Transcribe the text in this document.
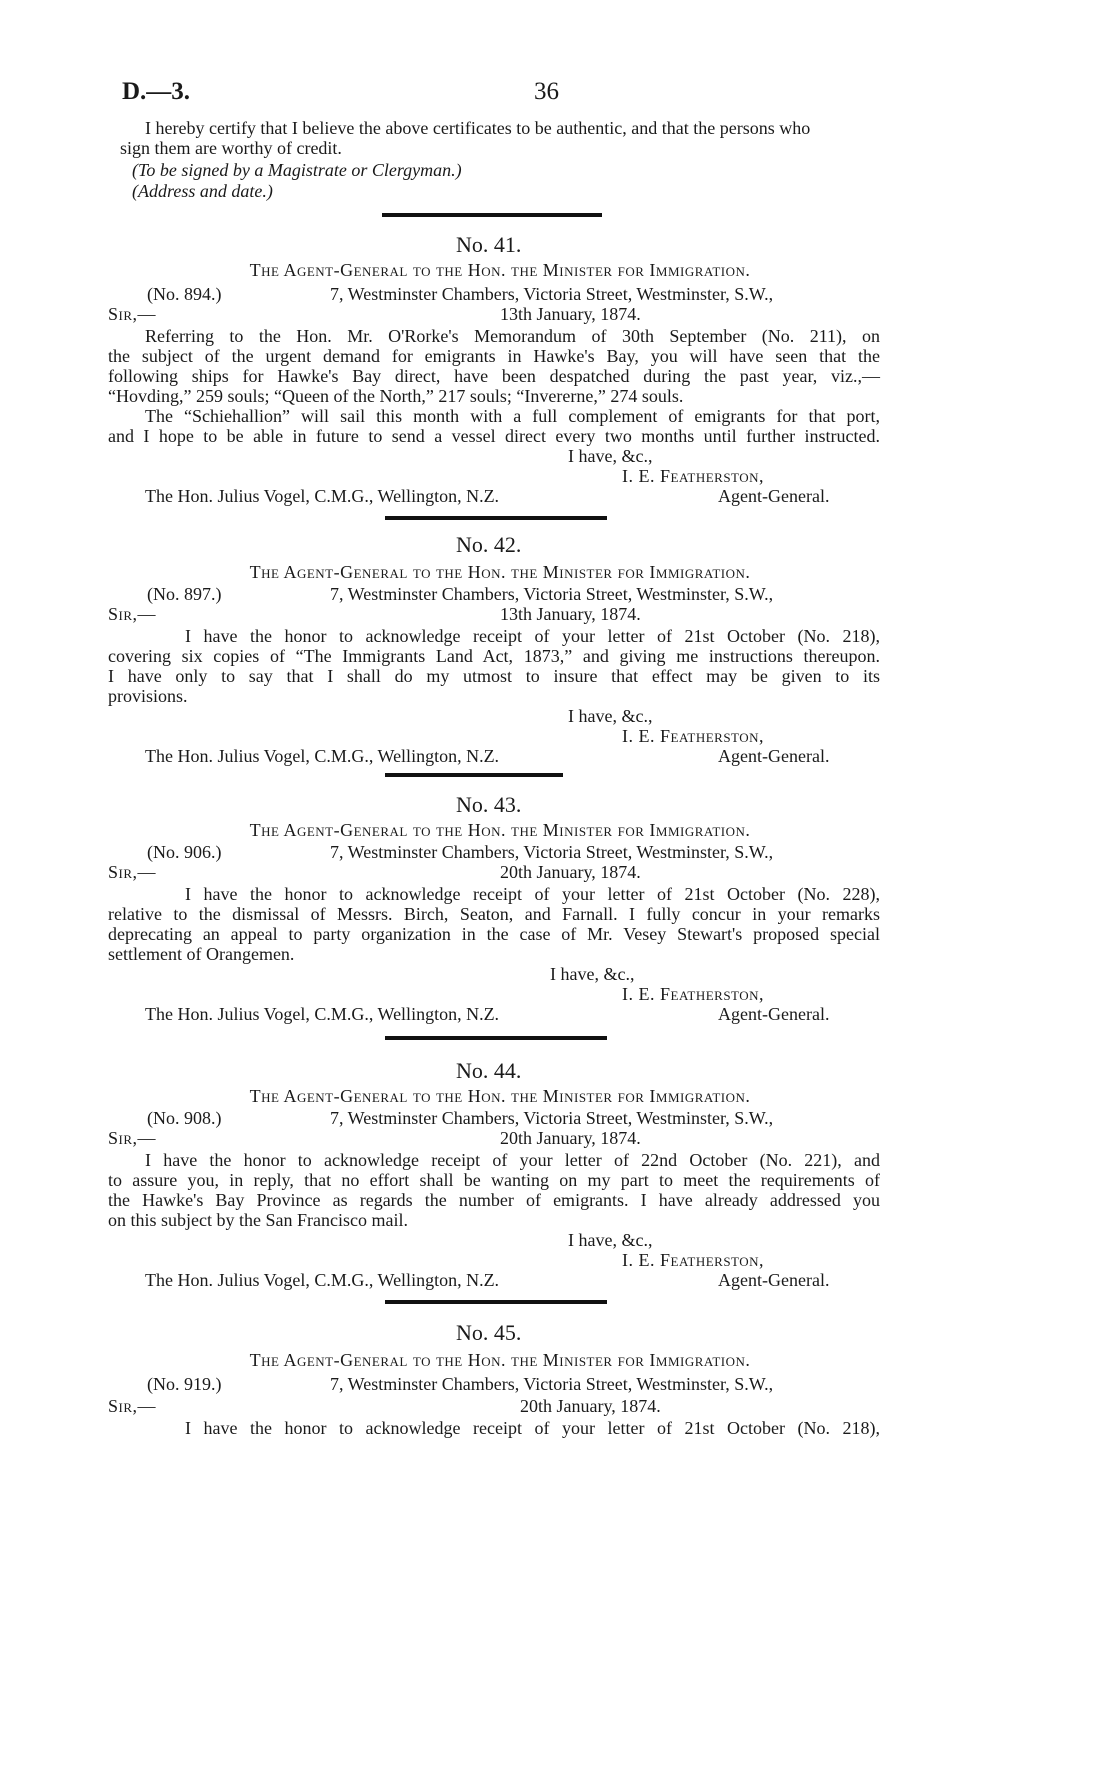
D.—3.	36
I hereby certify that I believe the above certificates to be authentic, and that the persons who
sign them are worthy of credit.
(To be signed by a Magistrate or Clergyman.)
(Address and date.)
No. 41.
The Agent-General to the Hon. the Minister for Immigration.
(No. 894.)	7, Westminster Chambers, Victoria Street, Westminster, S.W.,
Sir,—	13th January, 1874.
Referring to the Hon. Mr. O'Rorke's Memorandum of 30th September (No. 211), on
the subject of the urgent demand for emigrants in Hawke's Bay, you will have seen that the
following ships for Hawke's Bay direct, have been despatched during the past year, viz.,—
“Hovding,” 259 souls; “Queen of the North,” 217 souls; “Invererne,” 274 souls.
The “Schiehallion” will sail this month with a full complement of emigrants for that port,
and I hope to be able in future to send a vessel direct every two months until further instructed.
I have, &c.,
I. E. Featherston,
The Hon. Julius Vogel, C.M.G., Wellington, N.Z.	Agent-General.
No. 42.
The Agent-General to the Hon. the Minister for Immigration.
(No. 897.)	7, Westminster Chambers, Victoria Street, Westminster, S.W.,
Sir,—	13th January, 1874.
I have the honor to acknowledge receipt of your letter of 21st October (No. 218),
covering six copies of “The Immigrants Land Act, 1873,” and giving me instructions thereupon.
I have only to say that I shall do my utmost to insure that effect may be given to its
provisions.
I have, &c.,
I. E. Featherston,
The Hon. Julius Vogel, C.M.G., Wellington, N.Z.	Agent-General.
No. 43.
The Agent-General to the Hon. the Minister for Immigration.
(No. 906.)	7, Westminster Chambers, Victoria Street, Westminster, S.W.,
Sir,—	20th January, 1874.
I have the honor to acknowledge receipt of your letter of 21st October (No. 228),
relative to the dismissal of Messrs. Birch, Seaton, and Farnall. I fully concur in your remarks
deprecating an appeal to party organization in the case of Mr. Vesey Stewart's proposed special
settlement of Orangemen.
I have, &c.,
I. E. Featherston,
The Hon. Julius Vogel, C.M.G., Wellington, N.Z.	Agent-General.
No. 44.
The Agent-General to the Hon. the Minister for Immigration.
(No. 908.)	7, Westminster Chambers, Victoria Street, Westminster, S.W.,
Sir,—	20th January, 1874.
I have the honor to acknowledge receipt of your letter of 22nd October (No. 221), and
to assure you, in reply, that no effort shall be wanting on my part to meet the requirements of
the Hawke's Bay Province as regards the number of emigrants. I have already addressed you
on this subject by the San Francisco mail.
I have, &c.,
I. E. Featherston,
The Hon. Julius Vogel, C.M.G., Wellington, N.Z.	Agent-General.
No. 45.
The Agent-General to the Hon. the Minister for Immigration.
(No. 919.)	7, Westminster Chambers, Victoria Street, Westminster, S.W.,
Sir,—	20th January, 1874.
I have the honor to acknowledge receipt of your letter of 21st October (No. 218),
